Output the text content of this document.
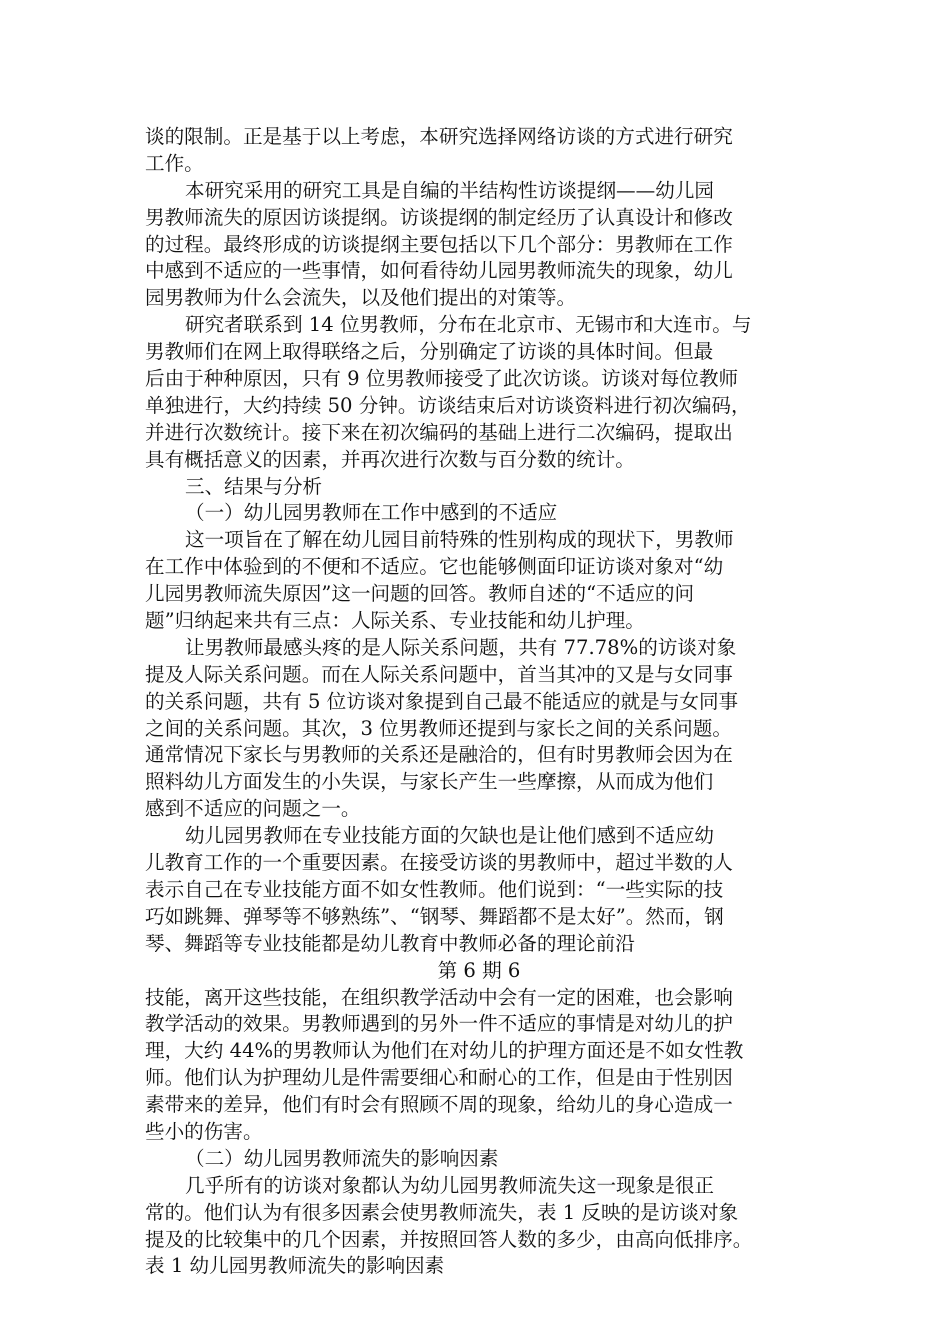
谈的限制。正是基于以上考虑，本研究选择网络访谈的方式进行研究
工作。
本研究采用的研究工具是自编的半结构性访谈提纲——幼儿园
男教师流失的原因访谈提纲。访谈提纲的制定经历了认真设计和修改
的过程。最终形成的访谈提纲主要包括以下几个部分：男教师在工作
中感到不适应的一些事情，如何看待幼儿园男教师流失的现象，幼儿
园男教师为什么会流失，以及他们提出的对策等。
研究者联系到 14 位男教师，分布在北京市、无锡市和大连市。与
男教师们在网上取得联络之后，分别确定了访谈的具体时间。但最
后由于种种原因，只有 9 位男教师接受了此次访谈。访谈对每位教师
单独进行，大约持续 50 分钟。访谈结束后对访谈资料进行初次编码，
并进行次数统计。接下来在初次编码的基础上进行二次编码，提取出
具有概括意义的因素，并再次进行次数与百分数的统计。
三、结果与分析
（一）幼儿园男教师在工作中感到的不适应
这一项旨在了解在幼儿园目前特殊的性别构成的现状下，男教师
在工作中体验到的不便和不适应。它也能够侧面印证访谈对象对“幼
儿园男教师流失原因”这一问题的回答。教师自述的“不适应的问
题”归纳起来共有三点：人际关系、专业技能和幼儿护理。
让男教师最感头疼的是人际关系问题，共有 77.78%的访谈对象
提及人际关系问题。而在人际关系问题中，首当其冲的又是与女同事
的关系问题，共有 5 位访谈对象提到自己最不能适应的就是与女同事
之间的关系问题。其次，3 位男教师还提到与家长之间的关系问题。
通常情况下家长与男教师的关系还是融洽的，但有时男教师会因为在
照料幼儿方面发生的小失误，与家长产生一些摩擦，从而成为他们
感到不适应的问题之一。
幼儿园男教师在专业技能方面的欠缺也是让他们感到不适应幼
儿教育工作的一个重要因素。在接受访谈的男教师中，超过半数的人
表示自己在专业技能方面不如女性教师。他们说到：“一些实际的技
巧如跳舞、弹琴等不够熟练”、“钢琴、舞蹈都不是太好”。然而，钢
琴、舞蹈等专业技能都是幼儿教育中教师必备的理论前沿
第 6 期 6
技能，离开这些技能，在组织教学活动中会有一定的困难，也会影响
教学活动的效果。男教师遇到的另外一件不适应的事情是对幼儿的护
理，大约 44%的男教师认为他们在对幼儿的护理方面还是不如女性教
师。他们认为护理幼儿是件需要细心和耐心的工作，但是由于性别因
素带来的差异，他们有时会有照顾不周的现象，给幼儿的身心造成一
些小的伤害。
（二）幼儿园男教师流失的影响因素
几乎所有的访谈对象都认为幼儿园男教师流失这一现象是很正
常的。他们认为有很多因素会使男教师流失，表 1 反映的是访谈对象
提及的比较集中的几个因素，并按照回答人数的多少，由高向低排序。
表 1 幼儿园男教师流失的影响因素
